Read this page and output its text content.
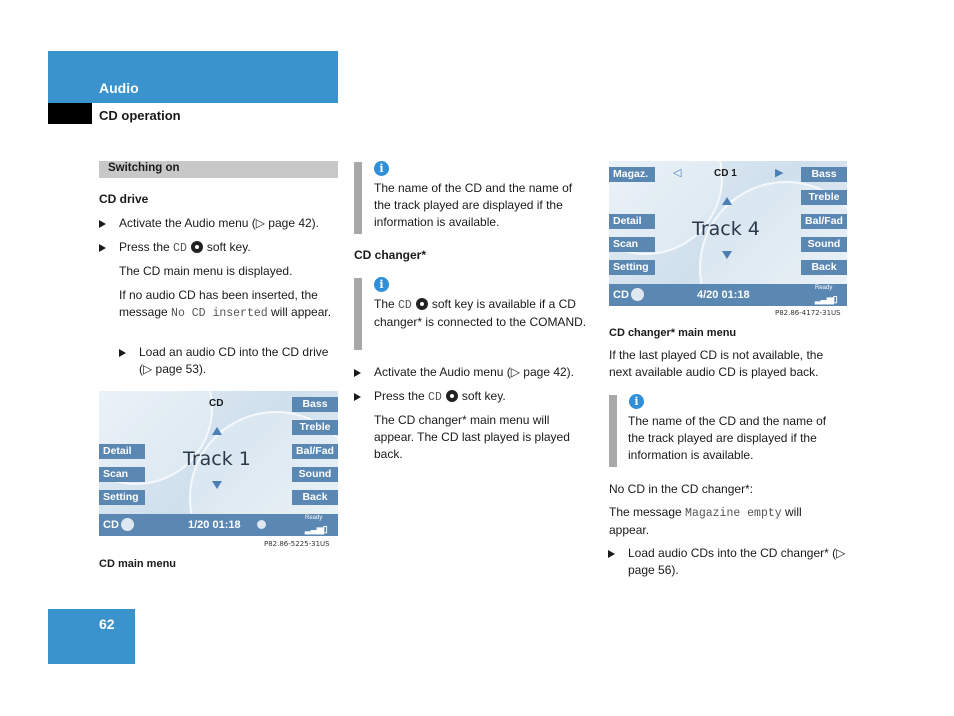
Audio
CD operation
Switching on
CD drive
Activate the Audio menu (▷ page 42).
Press the CD soft key.
The CD main menu is displayed.
If no audio CD has been inserted, the message No CD inserted will appear.
Load an audio CD into the CD drive (▷ page 53).
CD	Bass
Treble
Bal/Fad
Sound
Back
Detail
Scan
Setting
Track 1
CD	1/20 01:18
Ready
▂▃▅▯
P82.86-5225-31US
CD main menu
i
The name of the CD and the name of the track played are displayed if the information is available.
CD changer*
i
The CD soft key is available if a CD changer* is connected to the COMAND.
Activate the Audio menu (▷ page 42).
Press the CD soft key.
The CD changer* main menu will appear. The CD last played is played back.
Magaz.	◁	CD 1	▶	Bass
Treble
Bal/Fad
Sound
Back
Detail
Scan
Setting
Track 4
CD	4/20 01:18
Ready
▂▃▅▯
P82.86-4172-31US
CD changer* main menu
If the last played CD is not available, the next available audio CD is played back.
i
The name of the CD and the name of the track played are displayed if the information is available.
No CD in the CD changer*:
The message Magazine empty will appear.
Load audio CDs into the CD changer* (▷ page 56).
62
